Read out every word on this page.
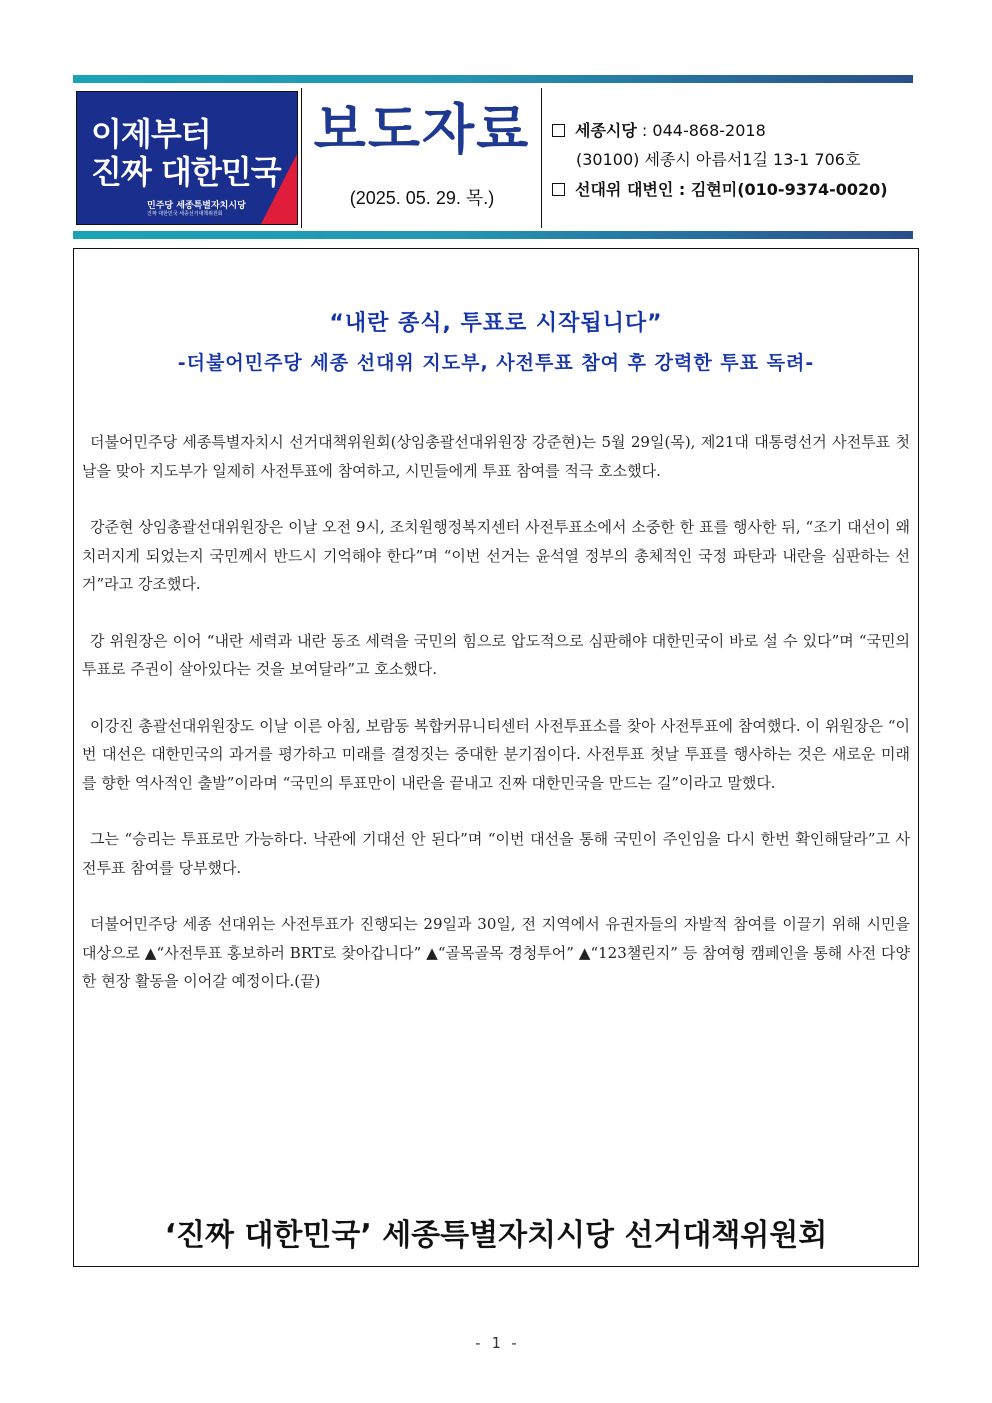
이제부터
진짜 대한민국
민주당 세종특별자치시당
진짜 대한민국 세종선거대책위원회
보도자료
(2025. 05. 29. 목.)
세종시당 : 044-868-2018
(30100) 세종시 아름서1길 13-1 706호
선대위 대변인 : 김현미(010-9374-0020)
“내란 종식, 투표로 시작됩니다”
-더불어민주당 세종 선대위 지도부, 사전투표 참여 후 강력한 투표 독려-

더불어민주당 세종특별자치시 선거대책위원회(상임총괄선대위원장 강준현)는 5월 29일(목), 제21대 대통령선거 사전투표 첫날을 맞아 지도부가 일제히 사전투표에 참여하고, 시민들에게 투표 참여를 적극 호소했다.

강준현 상임총괄선대위원장은 이날 오전 9시, 조치원행정복지센터 사전투표소에서 소중한 한 표를 행사한 뒤, “조기 대선이 왜 치러지게 되었는지 국민께서 반드시 기억해야 한다”며 “이번 선거는 윤석열 정부의 총체적인 국정 파탄과 내란을 심판하는 선거”라고 강조했다.

강 위원장은 이어 “내란 세력과 내란 동조 세력을 국민의 힘으로 압도적으로 심판해야 대한민국이 바로 설 수 있다”며 “국민의 투표로 주권이 살아있다는 것을 보여달라”고 호소했다.

이강진 총괄선대위원장도 이날 이른 아침, 보람동 복합커뮤니티센터 사전투표소를 찾아 사전투표에 참여했다. 이 위원장은 “이번 대선은 대한민국의 과거를 평가하고 미래를 결정짓는 중대한 분기점이다. 사전투표 첫날 투표를 행사하는 것은 새로운 미래를 향한 역사적인 출발”이라며 “국민의 투표만이 내란을 끝내고 진짜 대한민국을 만드는 길”이라고 말했다.

그는 “승리는 투표로만 가능하다. 낙관에 기대선 안 된다”며 “이번 대선을 통해 국민이 주인임을 다시 한번 확인해달라”고 사전투표 참여를 당부했다.

더불어민주당 세종 선대위는 사전투표가 진행되는 29일과 30일, 전 지역에서 유권자들의 자발적 참여를 이끌기 위해 시민을 대상으로 ▲“사전투표 홍보하러 BRT로 찾아갑니다” ▲“골목골목 경청투어” ▲“123챌린지” 등 참여형 캠페인을 통해 사전 다양한 현장 활동을 이어갈 예정이다.(끝)

‘진짜 대한민국’ 세종특별자치시당 선거대책위원회
- 1 -
